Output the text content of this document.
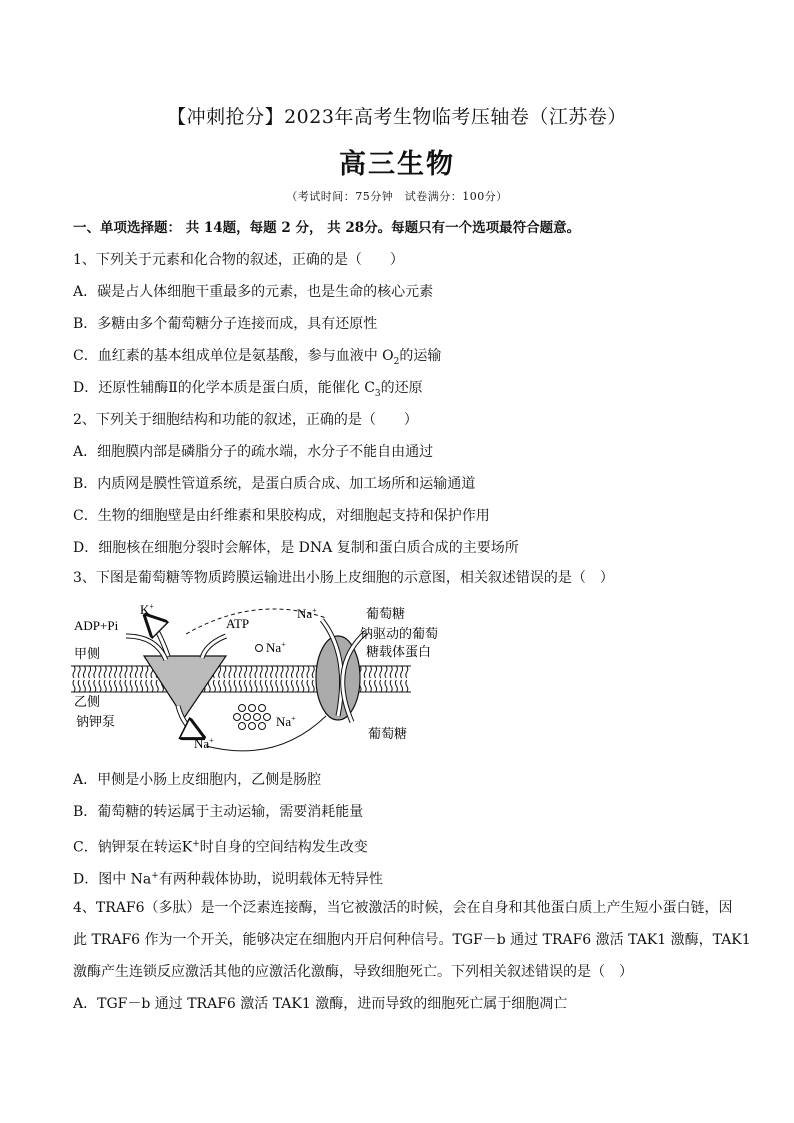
【冲刺抢分】2023年高考生物临考压轴卷（江苏卷）
高三生物
（考试时间：75分钟　试卷满分：100分）
一、单项选择题： 共 14题，每题 2 分， 共 28分。每题只有一个选项最符合题意。
1、下列关于元素和化合物的叙述，正确的是（　　）
A．碳是占人体细胞干重最多的元素，也是生命的核心元素
B．多糖由多个葡萄糖分子连接而成，具有还原性
C．血红素的基本组成单位是氨基酸，参与血液中 $O_2$的运输
D．还原性辅酶Ⅱ的化学本质是蛋白质，能催化 $C_3$的还原
2、下列关于细胞结构和功能的叙述，正确的是（　　）
A．细胞膜内部是磷脂分子的疏水端，水分子不能自由通过
B．内质网是膜性管道系统，是蛋白质合成、加工场所和运输通道
C．生物的细胞壁是由纤维素和果胶构成，对细胞起支持和保护作用
D．细胞核在细胞分裂时会解体，是 DNA 复制和蛋白质合成的主要场所
3、下图是葡萄糖等物质跨膜运输进出小肠上皮细胞的示意图，相关叙述错误的是（　）
ADP+Pi
K+
ATP
Na+
Na+	葡萄糖
钠驱动的葡萄
糖载体蛋白
甲侧
乙侧
钠钾泵
Na+
Na+
葡萄糖
A．甲侧是小肠上皮细胞内，乙侧是肠腔
B．葡萄糖的转运属于主动运输，需要消耗能量
C．钠钾泵在转运K+时自身的空间结构发生改变
D．图中 Na+有两种载体协助，说明载体无特异性
4、TRAF6（多肽）是一个泛素连接酶，当它被激活的时候，会在自身和其他蛋白质上产生短小蛋白链，因
此 TRAF6 作为一个开关，能够决定在细胞内开启何种信号。TGF－b 通过 TRAF6 激活 TAK1 激酶，TAK1
激酶产生连锁反应激活其他的应激活化激酶，导致细胞死亡。下列相关叙述错误的是（　）
A．TGF－b 通过 TRAF6 激活 TAK1 激酶，进而导致的细胞死亡属于细胞凋亡
